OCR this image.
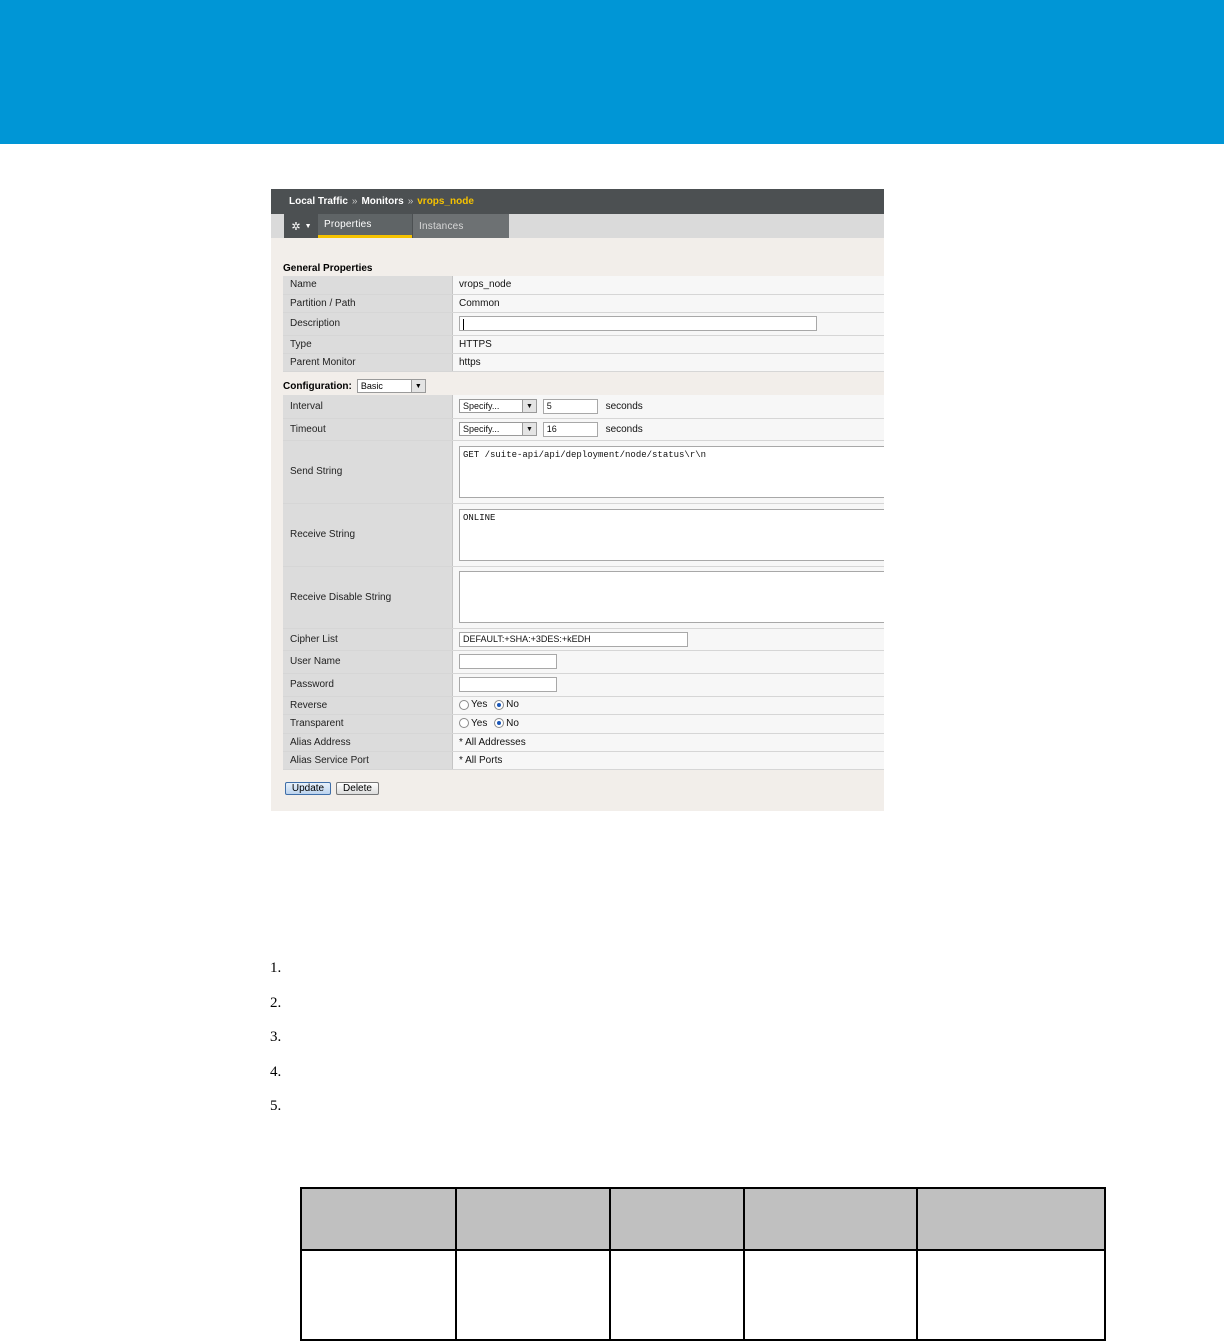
Local Traffic » Monitors » vrops_node
✲ ▼	Properties	Instances
General Properties
Name	vrops_node
Partition / Path	Common
Description	
Type	HTTPS
Parent Monitor	https
Configuration:	Basic	▼
Interval	Specify... ▼ 5 seconds
Timeout	Specify... ▼ 16 seconds
Send String	GET /suite-api/api/deployment/node/status\r\n

Receive String	ONLINE

Receive Disable String	

Cipher List	DEFAULT:+SHA:+3DES:+kEDH
User Name	
Password	
Reverse	Yes No
Transparent	Yes No
Alias Address	* All Addresses
Alias Service Port	* All Ports
Update	Delete
1.
2.
3.
4.
5.
